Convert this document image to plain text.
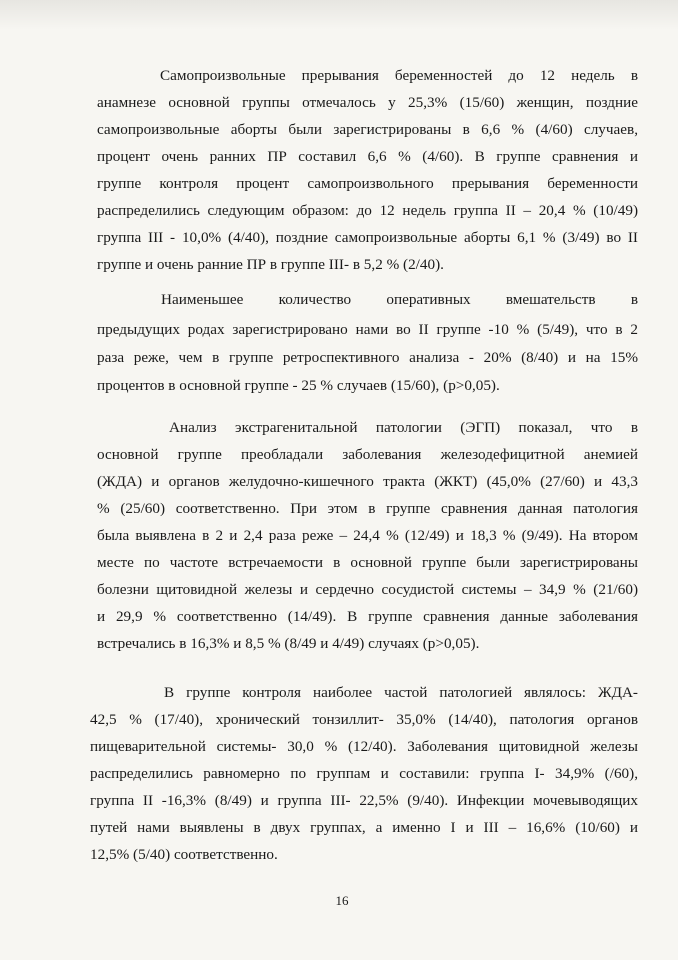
Самопроизвольные прерывания беременностей до 12 недель в
анамнезе основной группы отмечалось у 25,3% (15/60) женщин, поздние
самопроизвольные аборты были зарегистрированы в 6,6 % (4/60) случаев,
процент очень ранних ПР составил 6,6 % (4/60). В группе сравнения и
группе контроля процент самопроизвольного прерывания беременности
распределились следующим образом: до 12 недель группа II – 20,4 % (10/49)
группа III - 10,0% (4/40), поздние самопроизвольные аборты 6,1 % (3/49) во II
группе и очень ранние ПР в группе III- в 5,2 % (2/40).
Наименьшее количество оперативных вмешательств в
предыдущих родах зарегистрировано нами во II группе -10 % (5/49), что в 2
раза реже, чем в группе ретроспективного анализа - 20% (8/40) и на 15%
процентов в основной группе - 25 % случаев (15/60), (р>0,05).
Анализ экстрагенитальной патологии (ЭГП) показал, что в
основной группе преобладали заболевания железодефицитной анемией
(ЖДА) и органов желудочно-кишечного тракта (ЖКТ) (45,0% (27/60) и 43,3
% (25/60) соответственно. При этом в группе сравнения данная патология
была выявлена в 2 и 2,4 раза реже – 24,4 % (12/49) и 18,3 % (9/49). На втором
месте по частоте встречаемости в основной группе были зарегистрированы
болезни щитовидной железы и сердечно сосудистой системы – 34,9 % (21/60)
и 29,9 % соответственно (14/49). В группе сравнения данные заболевания
встречались в 16,3% и 8,5 % (8/49 и 4/49) случаях (р>0,05).
В группе контроля наиболее частой патологией являлось: ЖДА-
42,5 % (17/40), хронический тонзиллит- 35,0% (14/40), патология органов
пищеварительной системы- 30,0 % (12/40). Заболевания щитовидной железы
распределились равномерно по группам и составили: группа I- 34,9% (/60),
группа II -16,3% (8/49) и группа III- 22,5% (9/40). Инфекции мочевыводящих
путей нами выявлены в двух группах, а именно I и III – 16,6% (10/60) и
12,5% (5/40) соответственно.
16
